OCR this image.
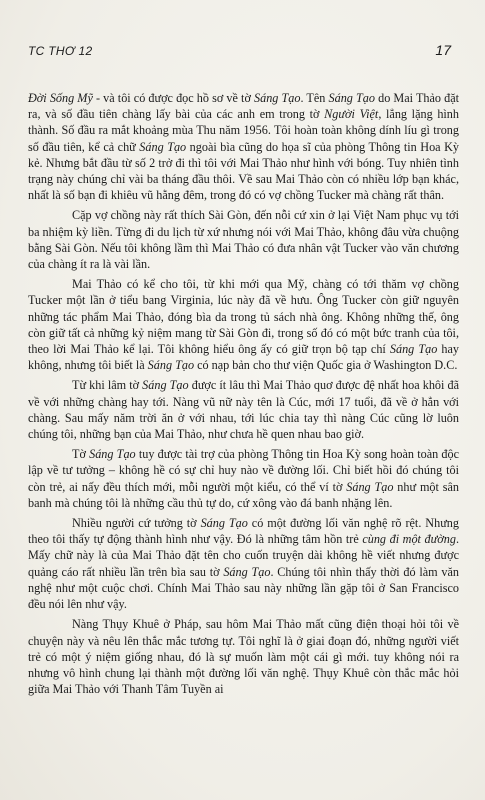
TC THƠ 12	17

Đời Sống Mỹ - và tôi có được đọc hồ sơ về tờ Sáng Tạo. Tên Sáng Tạo do Mai Thảo đặt ra, và số đầu tiên chàng lấy bài của các anh em trong tờ Người Việt, lẳng lặng hình thành. Số đầu ra mắt khoảng mùa Thu năm 1956. Tôi hoàn toàn không dính líu gì trong số đầu tiên, kể cả chữ Sáng Tạo ngoài bìa cũng do họa sĩ của phòng Thông tin Hoa Kỳ kẻ. Nhưng bắt đầu từ số 2 trở đi thì tôi với Mai Thảo như hình với bóng. Tuy nhiên tình trạng này chúng chỉ vài ba tháng đầu thôi. Về sau Mai Thảo còn có nhiều lớp bạn khác, nhất là số bạn đi khiêu vũ hằng đêm, trong đó có vợ chồng Tucker mà chàng rất thân.

Cặp vợ chồng này rất thích Sài Gòn, đến nỗi cứ xin ở lại Việt Nam phục vụ tới ba nhiệm kỳ liền. Từng đi du lịch từ xứ nhưng nói với Mai Thảo, không đâu vừa chuộng bằng Sài Gòn. Nếu tôi không lầm thì Mai Thảo có đưa nhân vật Tucker vào văn chương của chàng ít ra là vài lần.

Mai Thảo có kể cho tôi, từ khi mới qua Mỹ, chàng có tới thăm vợ chồng Tucker một lần ở tiểu bang Virginia, lúc này đã về hưu. Ông Tucker còn giữ nguyên những tác phẩm Mai Thảo, đóng bìa da trong tủ sách nhà ông. Không những thế, ông còn giữ tất cả những kỷ niệm mang từ Sài Gòn đi, trong số đó có một bức tranh của tôi, theo lời Mai Thảo kể lại. Tôi không hiểu ông ấy có giữ trọn bộ tạp chí Sáng Tạo hay không, nhưng tôi biết là Sáng Tạo có nạp bản cho thư viện Quốc gia ở Washington D.C.

Từ khi lâm tờ Sáng Tạo được ít lâu thì Mai Thảo quơ được đệ nhất hoa khôi đã về với những chàng hay tới. Nàng vũ nữ này tên là Cúc, mới 17 tuổi, đã về ở hẳn với chàng. Sau mấy năm trời ăn ở với nhau, tới lúc chia tay thì nàng Cúc cũng lờ luôn chúng tôi, những bạn của Mai Thảo, như chưa hề quen nhau bao giờ.

Tờ Sáng Tạo tuy được tài trợ của phòng Thông tin Hoa Kỳ song hoàn toàn độc lập về tư tưởng – không hề có sự chỉ huy nào về đường lối. Chỉ biết hồi đó chúng tôi còn trẻ, ai nấy đều thích mới, mỗi người một kiểu, có thể ví tờ Sáng Tạo như một sân banh mà chúng tôi là những cầu thủ tự do, cứ xông vào đá banh nhặng lên.

Nhiều người cứ tưởng tờ Sáng Tạo có một đường lối văn nghệ rõ rệt. Nhưng theo tôi thấy tự động thành hình như vậy. Đó là những tâm hồn trẻ cùng đi một đường. Mấy chữ này là của Mai Thảo đặt tên cho cuốn truyện dài không hề viết nhưng được quảng cáo rất nhiều lần trên bìa sau tờ Sáng Tạo. Chúng tôi nhìn thấy thời đó làm văn nghệ như một cuộc chơi. Chính Mai Thảo sau này những lần gặp tôi ở San Francisco đều nói lên như vậy.

Nàng Thụy Khuê ở Pháp, sau hôm Mai Thảo mất cũng điện thoại hỏi tôi về chuyện này và nêu lên thắc mắc tương tự. Tôi nghĩ là ở giai đoạn đó, những người viết trẻ có một ý niệm giống nhau, đó là sự muốn làm một cái gì mới. tuy không nói ra nhưng vô hình chung lại thành một đường lối văn nghệ. Thụy Khuê còn thắc mắc hỏi giữa Mai Thảo với Thanh Tâm Tuyền ai
